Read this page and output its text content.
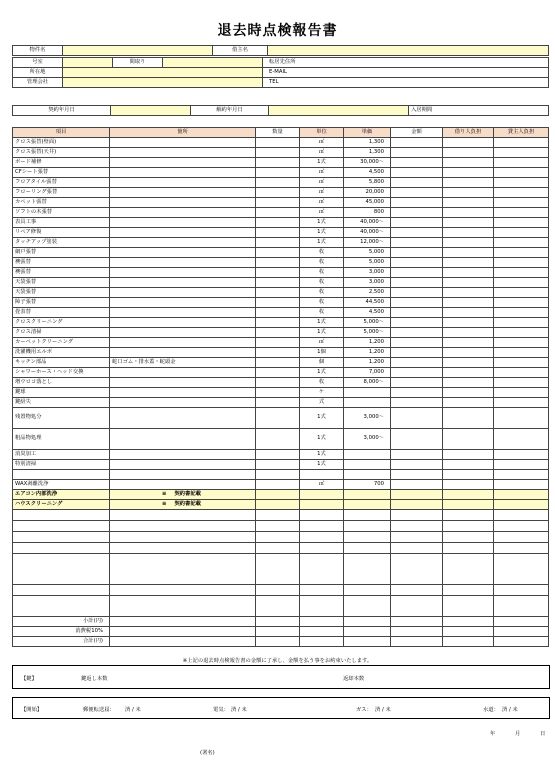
退去時点検報告書
物件名		借主名	
号室		間取り		転居先住所
所在地				E-MAIL
管理会社				TEL
契約年月日		解約年月日		入居期間
項目	箇所	数量	単位	単価	金額	借り人負担	貸主人負担
クロス張替(壁面)			㎡	1,300			
クロス張替(天井)			㎡	1,300			
ボード補修			1式	30,000～			
CFシート張替			㎡	4,500			
フロアタイル張替			㎡	5,800			
フローリング張替			㎡	20,000			
カペット張替			㎡	45,000			
ソフトの木張替			㎡	800			
表具工事			1式	40,000～			
リペア修復			1式	40,000～			
タッチアップ塗装			1式	12,000～			
網戸張替			枚	5,000			
襖張替			枚	5,000			
襖張替			枚	3,000			
天袋張替			枚	3,000			
天袋張替			枚	2,500			
障子張替			枚	44,500			
畳表替			枚	4,500			
クロスクリーニング			1式	5,000～			
クロス清掃			1式	5,000～			
カーペットクリーニング			㎡	1,200			
洗濯機用エルボ			1個	1,200			
キッチン部品	蛇口ゴム・排水蓋・蛇頭金		個	1,200			
シャワーホース・ヘッド交換			1式	7,000			
増ウロコ落とし			枚	8,000～			
鍵球			ケ				
鍵紛失			式				
残置物処分			1式	3,000～			
粗品物処理			1式	3,000～			
消臭加工			1式				
特別清掃			1式				

WAX剥離洗浄			㎡	700			
エアコン内部洗浄	≡ 契約書記載						
ハウスクリーニング	≡ 契約書記載						

小計(円)							
消費税10%							
合計(円)							
※上記の退去時点検報告書の金額に了承し、金額を払う事をお約束いたします。
【鍵】	鍵返し本数	返却本数
【開始】	郵便転送届： 済 / 未	電気： 済 / 未	ガス： 済 / 未	水道： 済 / 未
年	月	日
(署名)
